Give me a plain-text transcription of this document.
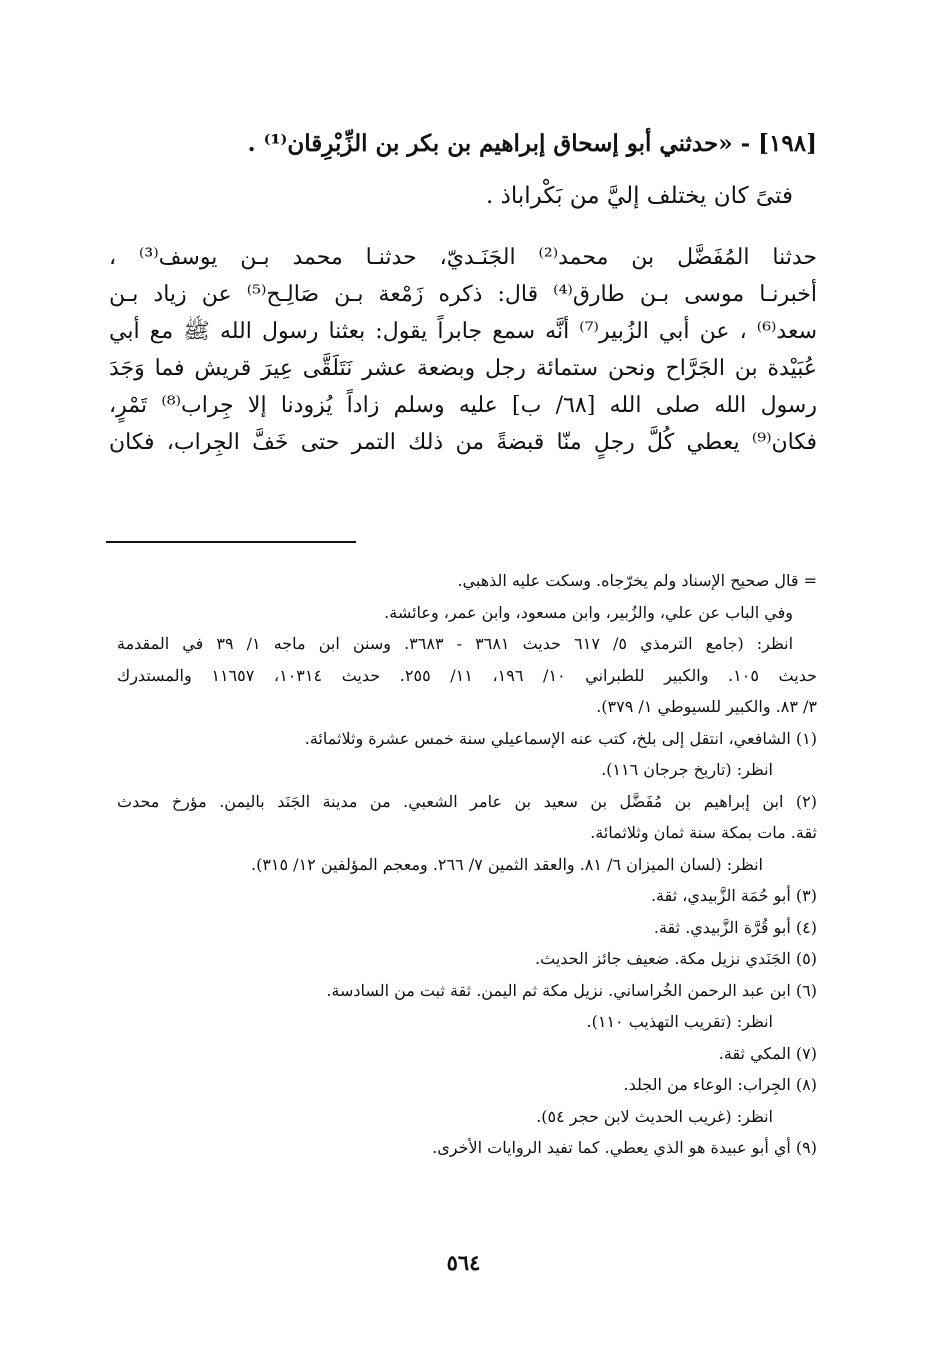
[١٩٨] - «حدثني أبو إسحاق إبراهيم بن بكر بن الزِّبْرِقان⁽¹⁾ .

فتىً كان يختلف إليَّ من بَكْراباذ .

حدثنا المُفَضَّل بن محمد⁽²⁾ الجَنَـديّ، حدثنـا محمد بـن يوسف⁽³⁾ ،

أخبرنـا موسى بـن طارق⁽⁴⁾ قال: ذكره زَمْعة بـن صَالِـح⁽⁵⁾ عن زياد بـن

سعد⁽⁶⁾ ، عن أبي الزُبير⁽⁷⁾ أنَّه سمع جابراً يقول: بعثنا رسول الله ﷺ مع أبي

عُبَيْدة بن الجَرَّاح ونحن ستمائة رجل وبضعة عشر نَتَلَقَّى عِيرَ قريش فما وَجَدَ

رسول الله صلى الله [٦٨/ ب] عليه وسلم زاداً يُزودنا إلا جِراب⁽⁸⁾ تَمْرٍ،

فكان⁽⁹⁾ يعطي كُلَّ رجلٍ منّا قبضةً من ذلك التمر حتى خَفَّ الجِراب، فكان

= قال صحيح الإسناد ولم يخرّجاه. وسكت عليه الذهبي.

وفي الباب عن علي، والزُبير، وابن مسعود، وابن عمر، وعائشة.

انظر: (جامع الترمذي ٥/ ٦١٧ حديث ٣٦٨١ - ٣٦٨٣. وسنن ابن ماجه ١/ ٣٩ في المقدمة

حديث ١٠٥. والكبير للطبراني ١٠/ ١٩٦، ١١/ ٢٥٥. حديث ١٠٣١٤، ١١٦٥٧ والمستدرك

٣/ ٨٣. والكبير للسيوطي ١/ ٣٧٩).

(١) الشافعي، انتقل إلى بلخ، كتب عنه الإسماعيلي سنة خمس عشرة وثلاثمائة.

انظر: (تاريخ جرجان ١١٦).

(٢) ابن إبراهيم بن مُفَضَّل بن سعيد بن عامر الشعبي. من مدينة الجَنَد باليمن. مؤرخ محدث

ثقة. مات بمكة سنة ثمان وثلاثمائة.

انظر: (لسان الميزان ٦/ ٨١. والعقد الثمين ٧/ ٢٦٦. ومعجم المؤلفين ١٢/ ٣١٥).

(٣) أبو حُمَة الزَّبيدي، ثقة.

(٤) أبو قُرَّة الزَّبيدي. ثقة.

(٥) الجَنَدي نزيل مكة. ضعيف جائز الحديث.

(٦) ابن عبد الرحمن الخُراساني. نزيل مكة ثم اليمن. ثقة ثبت من السادسة.

انظر: (تقريب التهذيب ١١٠).

(٧) المكي ثقة.

(٨) الجِراب: الوعاء من الجلد.

انظر: (غريب الحديث لابن حجر ٥٤).

(٩) أي أبو عبيدة هو الذي يعطي. كما تفيد الروايات الأخرى.

٥٦٤
